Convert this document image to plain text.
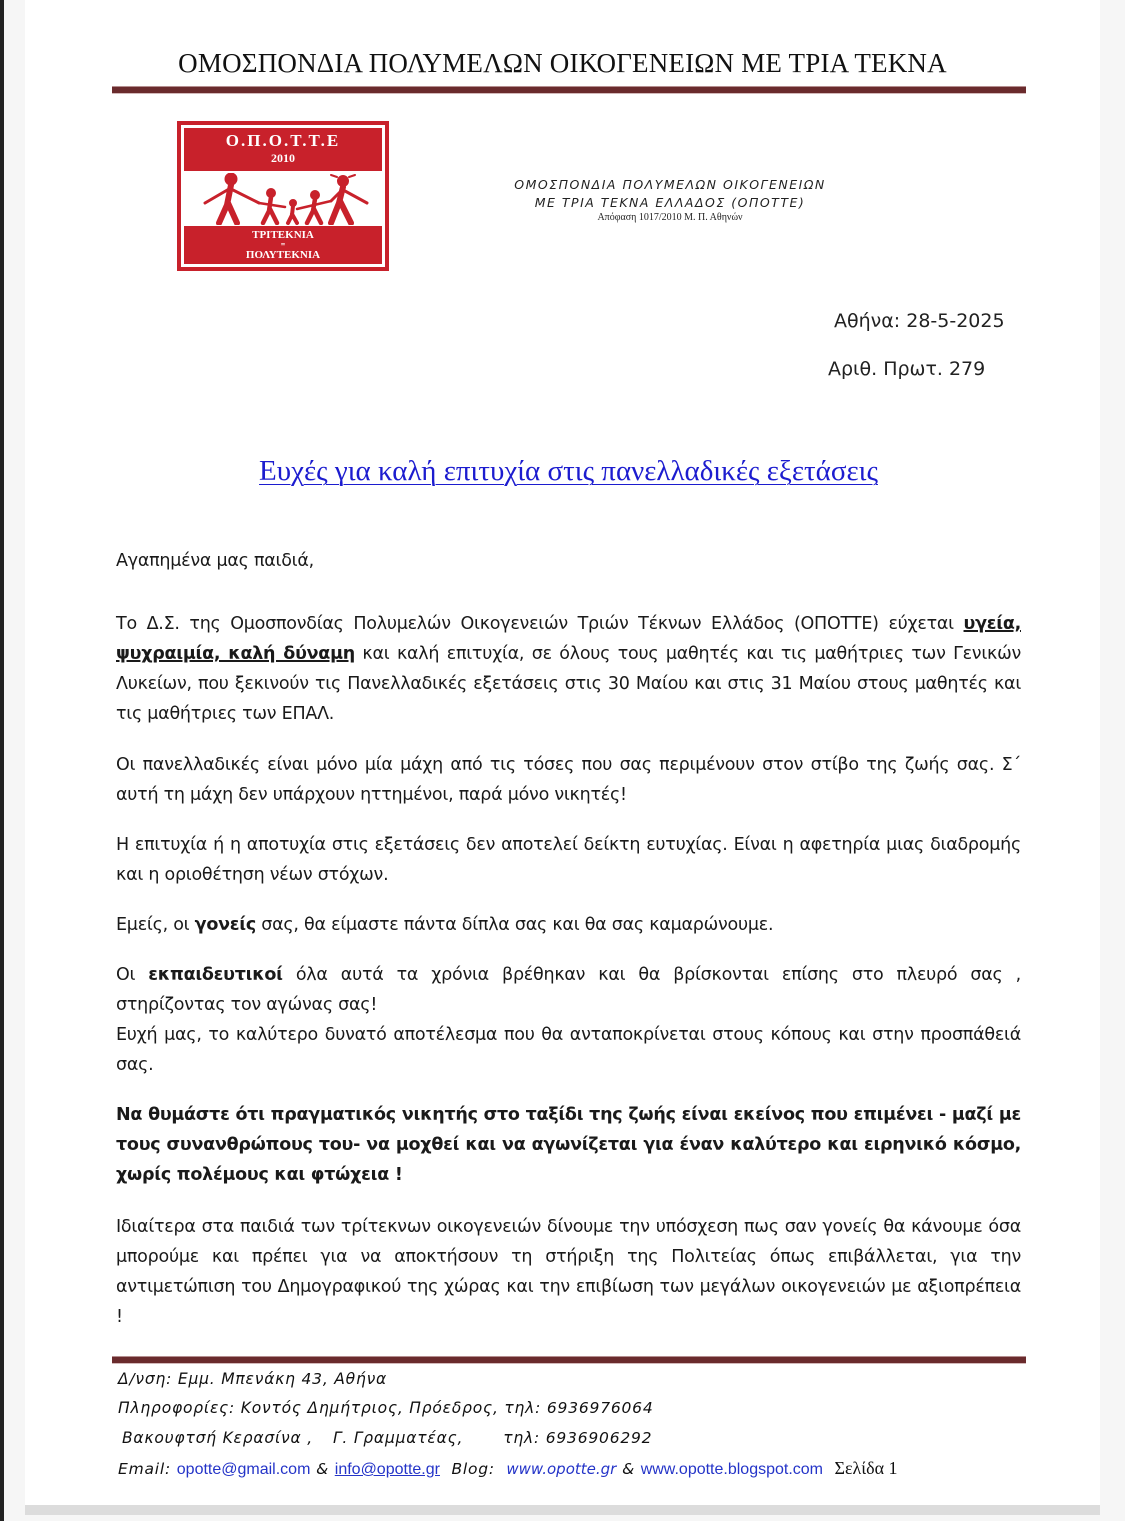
ΟΜΟΣΠΟΝΔΙΑ ΠΟΛΥΜΕΛΩΝ ΟΙΚΟΓΕΝΕΙΩΝ ΜΕ ΤΡΙΑ ΤΕΚΝΑ
Ο.Π.Ο.Τ.Τ.Ε
2010
ΤΡΙΤΕΚΝΙΑ
=
ΠΟΛΥΤΕΚΝΙΑ
ΟΜΟΣΠΟΝΔΙΑ ΠΟΛΥΜΕΛΩΝ ΟΙΚΟΓΕΝΕΙΩΝ
ΜΕ ΤΡΙΑ ΤΕΚΝΑ ΕΛΛΑΔΟΣ (ΟΠΟΤΤΕ)
Απόφαση 1017/2010 Μ. Π. Αθηνών
Αθήνα: 28-5-2025
Αριθ. Πρωτ. 279
Ευχές για καλή επιτυχία στις πανελλαδικές εξετάσεις
Αγαπημένα μας παιδιά,
Το Δ.Σ. της Ομοσπονδίας Πολυμελών Οικογενειών Τριών Τέκνων Ελλάδος (ΟΠΟΤΤΕ) εύχεται υγεία, ψυχραιμία, καλή δύναμη και καλή επιτυχία, σε όλους τους μαθητές και τις μαθήτριες των Γενικών Λυκείων, που ξεκινούν τις Πανελλαδικές εξετάσεις στις 30 Μαίου και στις 31 Μαίου στους μαθητές και τις μαθήτριες των ΕΠΑΛ.
Οι πανελλαδικές είναι μόνο μία μάχη από τις τόσες που σας περιμένουν στον στίβο της ζωής σας. Σ΄ αυτή τη μάχη δεν υπάρχουν ηττημένοι, παρά μόνο νικητές!
Η επιτυχία ή η αποτυχία στις εξετάσεις δεν αποτελεί δείκτη ευτυχίας. Είναι η αφετηρία μιας διαδρομής και η οριοθέτηση νέων στόχων.
Εμείς, οι γονείς σας, θα είμαστε πάντα δίπλα σας και θα σας καμαρώνουμε.
Οι εκπαιδευτικοί όλα αυτά τα χρόνια βρέθηκαν και θα βρίσκονται επίσης στο πλευρό σας , στηρίζοντας τον αγώνας σας!
Ευχή μας, το καλύτερο δυνατό αποτέλεσμα που θα ανταποκρίνεται στους κόπους και στην προσπάθειά σας.
Να θυμάστε ότι πραγματικός νικητής στο ταξίδι της ζωής είναι εκείνος που επιμένει - μαζί με τους συνανθρώπους του- να μοχθεί και να αγωνίζεται για έναν καλύτερο και ειρηνικό κόσμο, χωρίς πολέμους και φτώχεια !
Ιδιαίτερα στα παιδιά των τρίτεκνων οικογενειών δίνουμε την υπόσχεση πως σαν γονείς θα κάνουμε όσα μπορούμε και πρέπει για να αποκτήσουν τη στήριξη της Πολιτείας όπως επιβάλλεται, για την αντιμετώπιση του Δημογραφικού της χώρας και την επιβίωση των μεγάλων οικογενειών με αξιοπρέπεια !
Δ/νση: Εμμ. Μπενάκη 43, Αθήνα
Πληροφορίες: Κοντός Δημήτριος, Πρόεδρος, τηλ: 6936976064
Βακουφτσή Κερασίνα , Γ. Γραμματέας,	τηλ: 6936906292
Email: opotte@gmail.com & info@opotte.gr Blog: www.opotte.gr & www.opotte.blogspot.com Σελίδα 1
